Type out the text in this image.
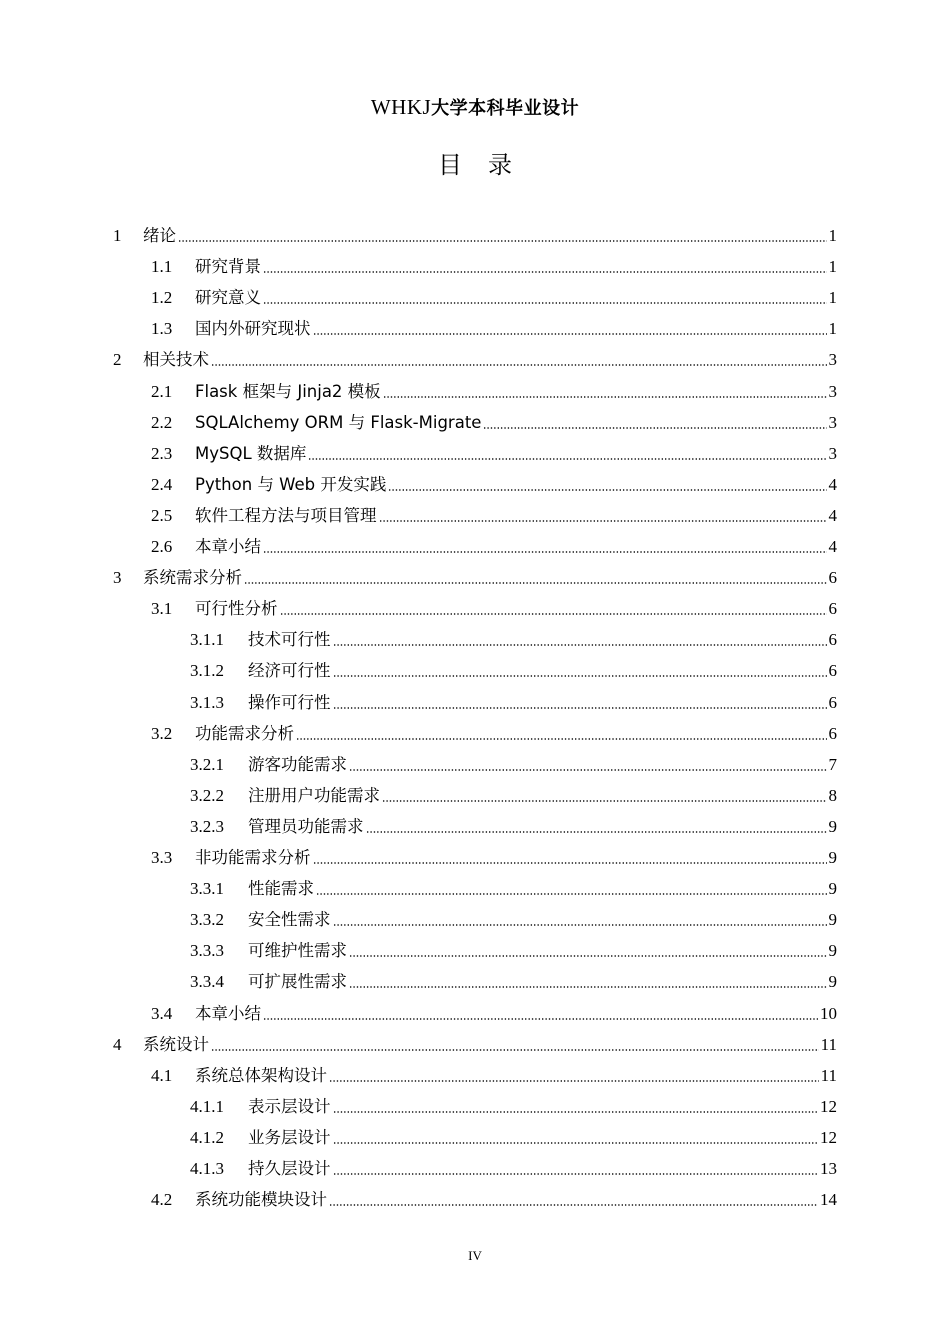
WHKJ大学本科毕业设计
目录
1	绪论	1
1.1	研究背景	1
1.2	研究意义	1
1.3	国内外研究现状	1
2	相关技术	3
2.1	Flask 框架与 Jinja2 模板	3
2.2	SQLAlchemy ORM 与 Flask-Migrate	3
2.3	MySQL 数据库	3
2.4	Python 与 Web 开发实践	4
2.5	软件工程方法与项目管理	4
2.6	本章小结	4
3	系统需求分析	6
3.1	可行性分析	6
3.1.1	技术可行性	6
3.1.2	经济可行性	6
3.1.3	操作可行性	6
3.2	功能需求分析	6
3.2.1	游客功能需求	7
3.2.2	注册用户功能需求	8
3.2.3	管理员功能需求	9
3.3	非功能需求分析	9
3.3.1	性能需求	9
3.3.2	安全性需求	9
3.3.3	可维护性需求	9
3.3.4	可扩展性需求	9
3.4	本章小结	10
4	系统设计	11
4.1	系统总体架构设计	11
4.1.1	表示层设计	12
4.1.2	业务层设计	12
4.1.3	持久层设计	13
4.2	系统功能模块设计	14
IV
